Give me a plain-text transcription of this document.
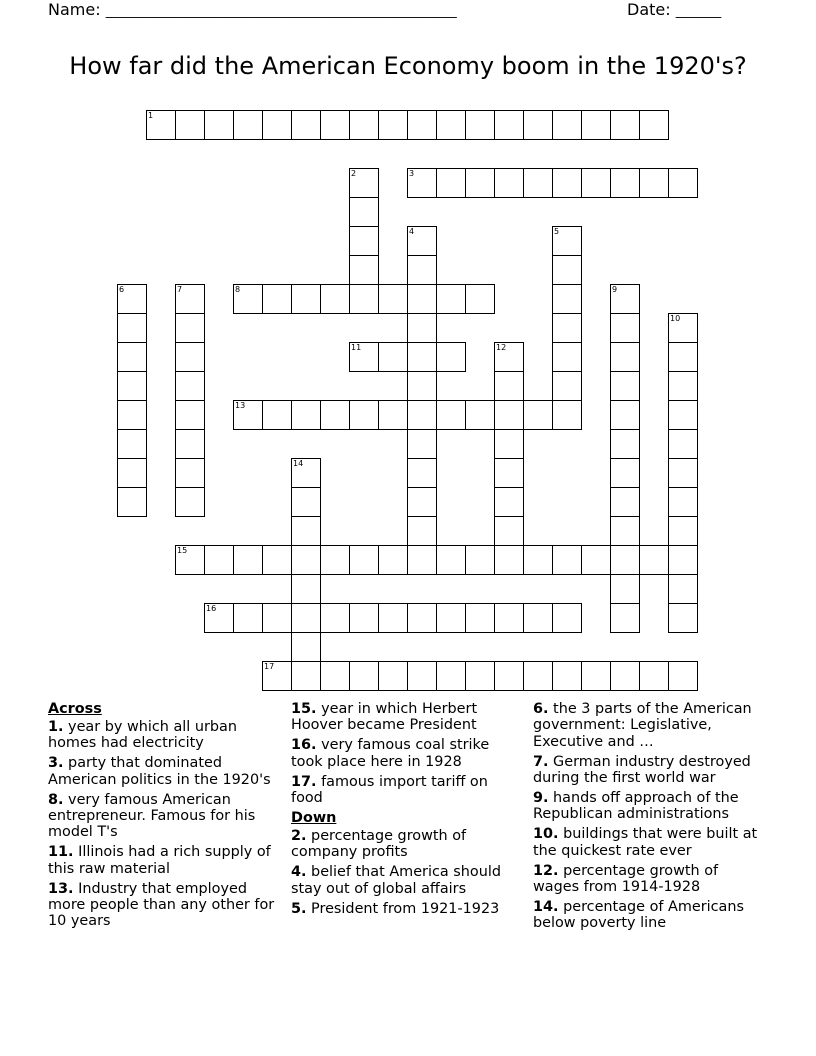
Name: ______________________________________________________	Date: _______
How far did the American Economy boom in the 1920's?
1
2	3
4	5
6	7	8	9
10
11	12
13
14
15
16
17
Across
1. year by which all urban homes had electricity
3. party that dominated American politics in the 1920's
8. very famous American entrepreneur. Famous for his model T's
11. Illinois had a rich supply of this raw material
13. Industry that employed more people than any other for 10 years
15. year in which Herbert Hoover became President
16. very famous coal strike took place here in 1928
17. famous import tariff on food
Down
2. percentage growth of company profits
4. belief that America should stay out of global affairs
5. President from 1921-1923
6. the 3 parts of the American government: Legislative, Executive and …
7. German industry destroyed during the first world war
9. hands off approach of the Republican administrations
10. buildings that were built at the quickest rate ever
12. percentage growth of wages from 1914-1928
14. percentage of Americans below poverty line
